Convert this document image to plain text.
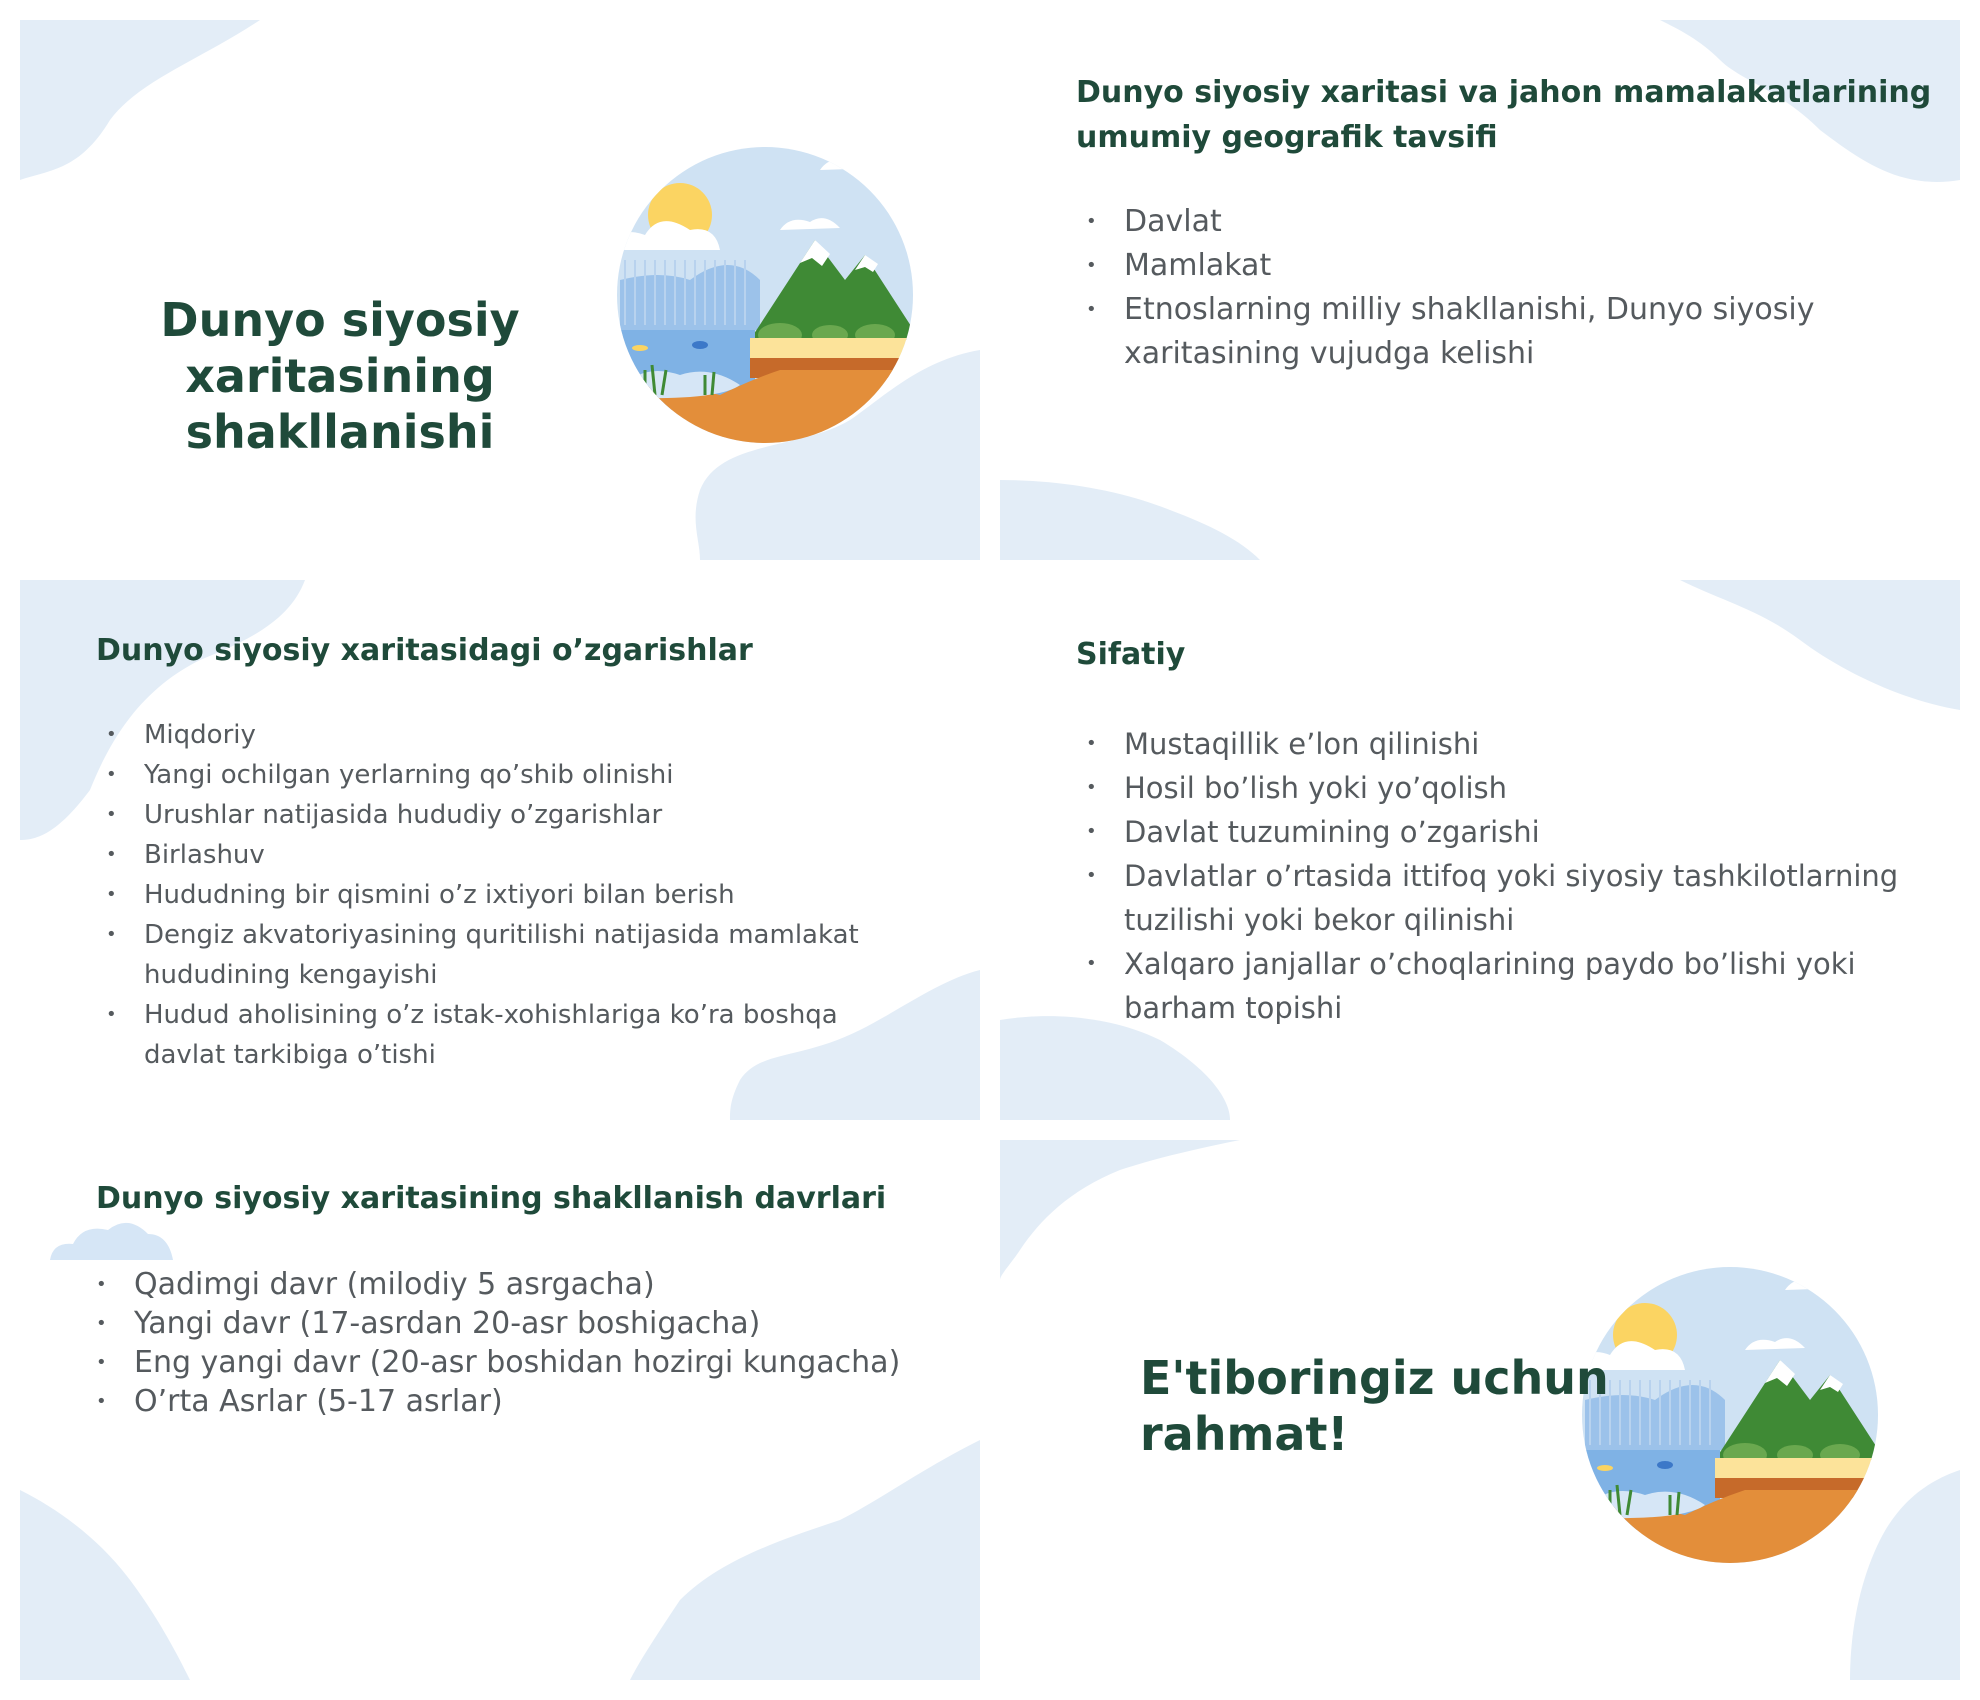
Dunyo siyosiy
xaritasining
shakllanishi
Dunyo siyosiy xaritasi va jahon mamalakatlarining
umumiy geografik tavsifi
• Davlat
• Mamlakat
• Etnoslarning milliy shakllanishi, Dunyo siyosiy
xaritasining vujudga kelishi
Dunyo siyosiy xaritasidagi o’zgarishlar
• Miqdoriy
• Yangi ochilgan yerlarning qo’shib olinishi
• Urushlar natijasida hududiy o’zgarishlar
• Birlashuv
• Hududning bir qismini o’z ixtiyori bilan berish
• Dengiz akvatoriyasining quritilishi natijasida mamlakat
hududining kengayishi
• Hudud aholisining o’z istak-xohishlariga ko’ra boshqa
davlat tarkibiga o’tishi
Sifatiy
• Mustaqillik e’lon qilinishi
• Hosil bo’lish yoki yo’qolish
• Davlat tuzumining o’zgarishi
• Davlatlar o’rtasida ittifoq yoki siyosiy tashkilotlarning
tuzilishi yoki bekor qilinishi
• Xalqaro janjallar o’choqlarining paydo bo’lishi yoki
barham topishi
Dunyo siyosiy xaritasining shakllanish davrlari
• Qadimgi davr (milodiy 5 asrgacha)
• Yangi davr (17-asrdan 20-asr boshigacha)
• Eng yangi davr (20-asr boshidan hozirgi kungacha)
• O’rta Asrlar (5-17 asrlar)	E'tiboringiz uchun rahmat!
